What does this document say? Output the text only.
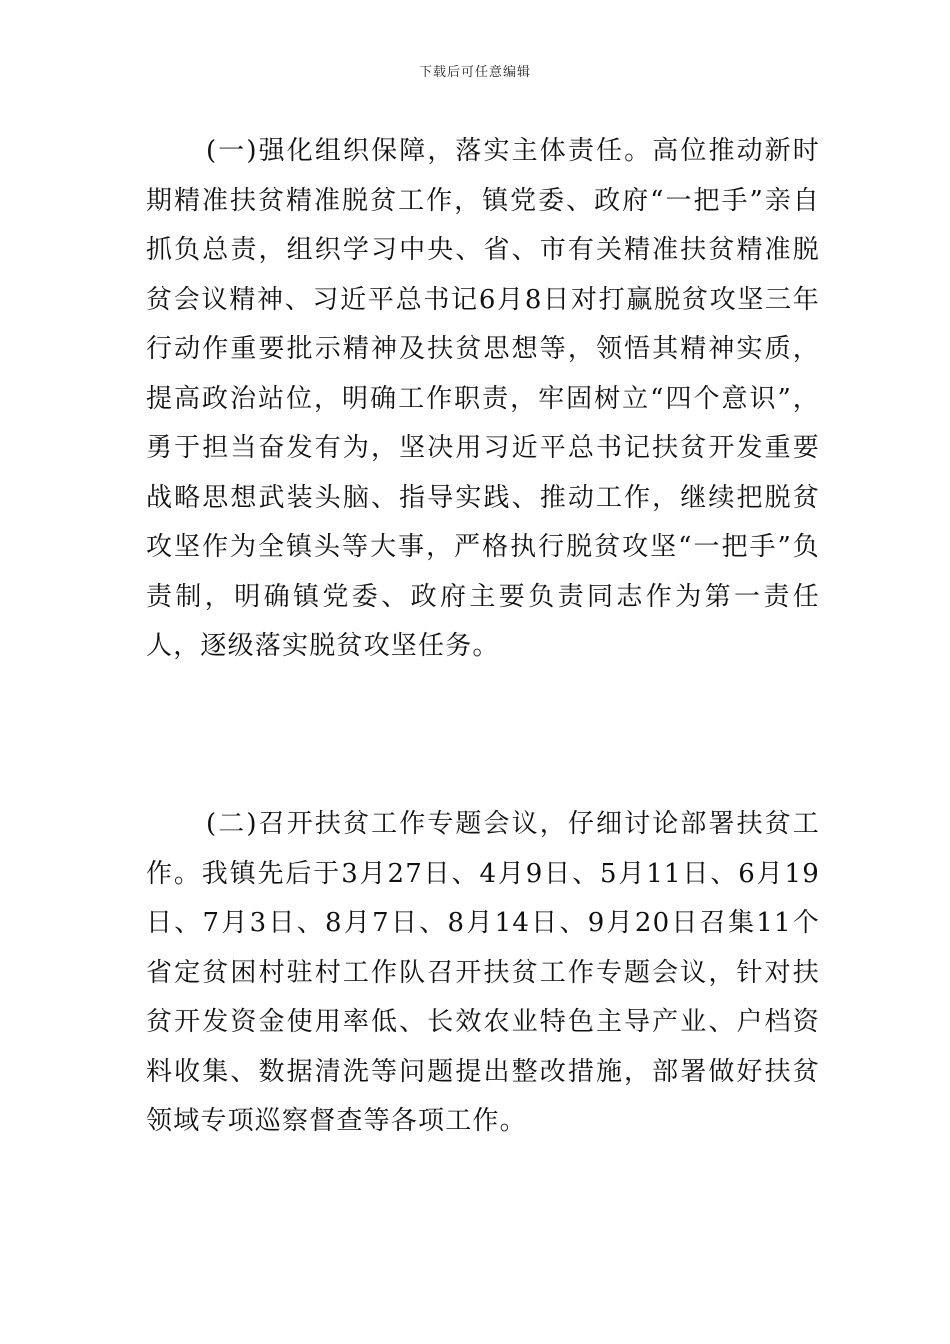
下载后可任意编辑

(一)强化组织保障，落实主体责任。高位推动新时期精准扶贫精准脱贫工作，镇党委、政府“一把手”亲自抓负总责，组织学习中央、省、市有关精准扶贫精准脱贫会议精神、习近平总书记6月8日对打赢脱贫攻坚三年行动作重要批示精神及扶贫思想等，领悟其精神实质，提高政治站位，明确工作职责，牢固树立“四个意识”，勇于担当奋发有为，坚决用习近平总书记扶贫开发重要战略思想武装头脑、指导实践、推动工作，继续把脱贫攻坚作为全镇头等大事，严格执行脱贫攻坚“一把手”负责制，明确镇党委、政府主要负责同志作为第一责任人，逐级落实脱贫攻坚任务。

(二)召开扶贫工作专题会议，仔细讨论部署扶贫工作。我镇先后于3月27日、4月9日、5月11日、6月19日、7月3日、8月7日、8月14日、9月20日召集11个省定贫困村驻村工作队召开扶贫工作专题会议，针对扶贫开发资金使用率低、长效农业特色主导产业、户档资料收集、数据清洗等问题提出整改措施，部署做好扶贫领域专项巡察督查等各项工作。
